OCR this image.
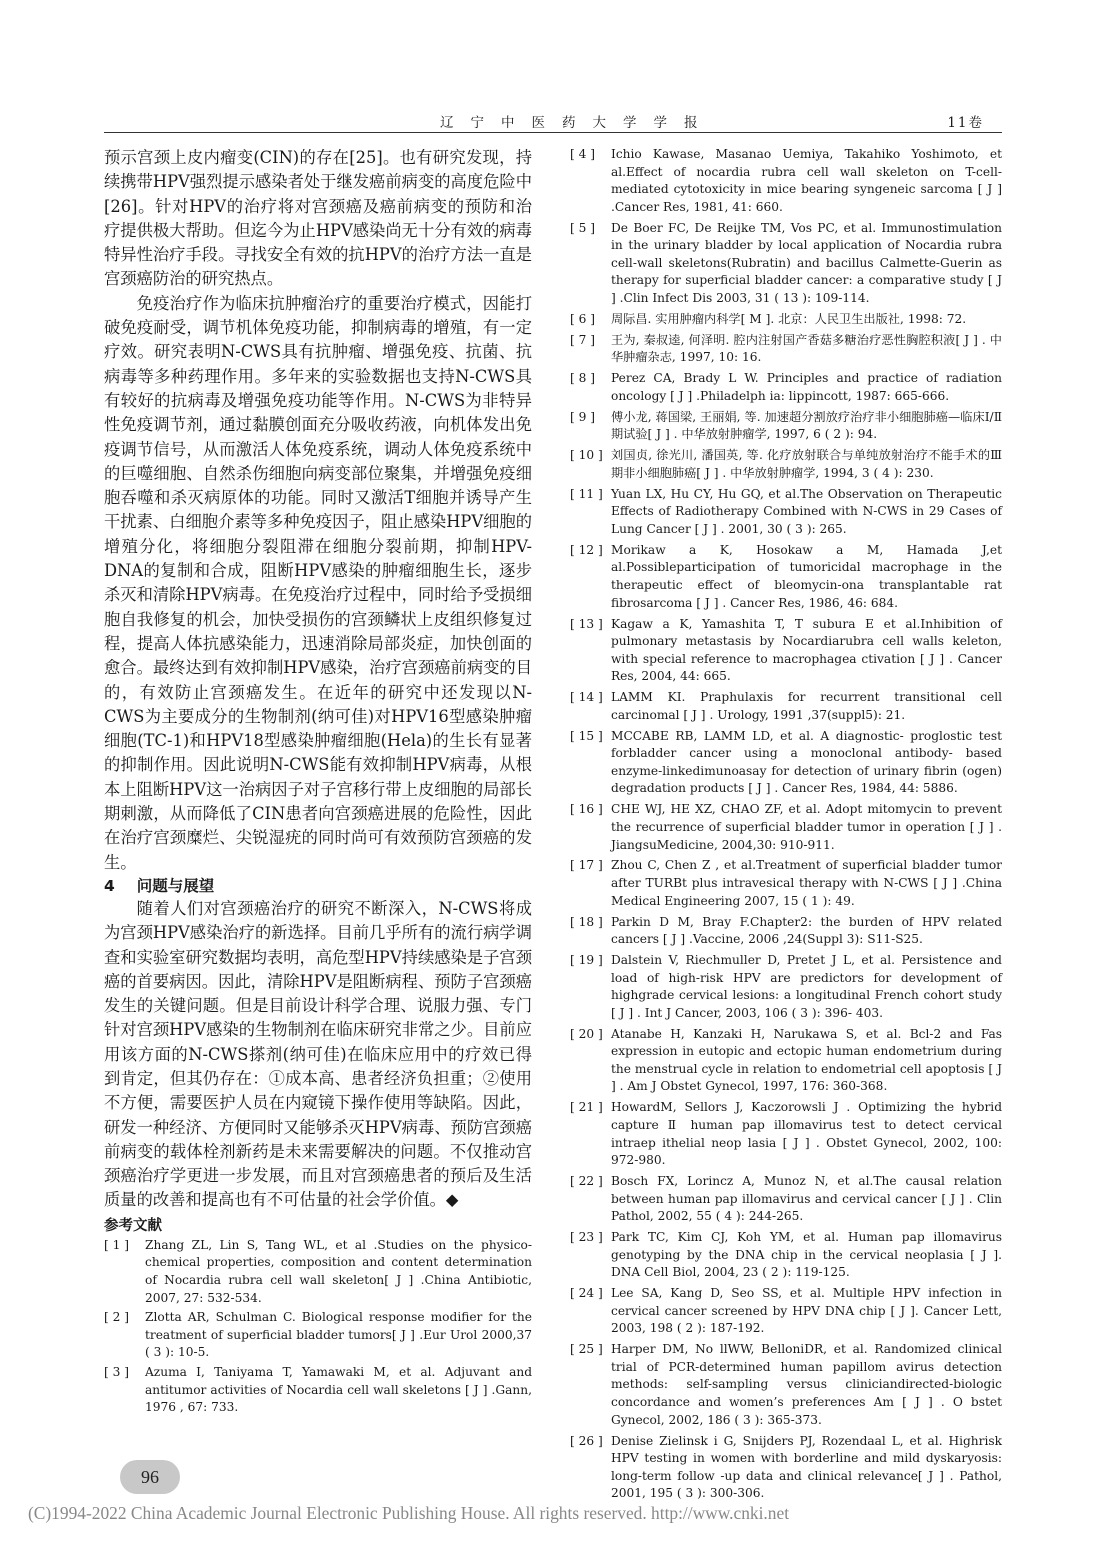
辽宁中医药大学学报	11卷

预示宫颈上皮内瘤变(CIN)的存在[25]。也有研究发现，持续携带HPV强烈提示感染者处于继发癌前病变的高度危险中[26]。针对HPV的治疗将对宫颈癌及癌前病变的预防和治疗提供极大帮助。但迄今为止HPV感染尚无十分有效的病毒特异性治疗手段。寻找安全有效的抗HPV的治疗方法一直是宫颈癌防治的研究热点。

免疫治疗作为临床抗肿瘤治疗的重要治疗模式，因能打破免疫耐受，调节机体免疫功能，抑制病毒的增殖，有一定疗效。研究表明N-CWS具有抗肿瘤、增强免疫、抗菌、抗病毒等多种药理作用。多年来的实验数据也支持N-CWS具有较好的抗病毒及增强免疫功能等作用。N-CWS为非特异性免疫调节剂，通过黏膜创面充分吸收药液，向机体发出免疫调节信号，从而激活人体免疫系统，调动人体免疫系统中的巨噬细胞、自然杀伤细胞向病变部位聚集，并增强免疫细胞吞噬和杀灭病原体的功能。同时又激活T细胞并诱导产生干扰素、白细胞介素等多种免疫因子，阻止感染HPV细胞的增殖分化，将细胞分裂阻滞在细胞分裂前期，抑制HPV-DNA的复制和合成，阻断HPV感染的肿瘤细胞生长，逐步杀灭和清除HPV病毒。在免疫治疗过程中，同时给予受损细胞自我修复的机会，加快受损伤的宫颈鳞状上皮组织修复过程，提高人体抗感染能力，迅速消除局部炎症，加快创面的愈合。最终达到有效抑制HPV感染，治疗宫颈癌前病变的目的，有效防止宫颈癌发生。在近年的研究中还发现以N-CWS为主要成分的生物制剂(纳可佳)对HPV16型感染肿瘤细胞(TC-1)和HPV18型感染肿瘤细胞(Hela)的生长有显著的抑制作用。因此说明N-CWS能有效抑制HPV病毒，从根本上阻断HPV这一治病因子对子宫移行带上皮细胞的局部长期刺激，从而降低了CIN患者向宫颈癌进展的危险性，因此在治疗宫颈糜烂、尖锐湿疣的同时尚可有效预防宫颈癌的发生。

4 问题与展望

随着人们对宫颈癌治疗的研究不断深入，N-CWS将成为宫颈HPV感染治疗的新选择。目前几乎所有的流行病学调查和实验室研究数据均表明，高危型HPV持续感染是子宫颈癌的首要病因。因此，清除HPV是阻断病程、预防子宫颈癌发生的关键问题。但是目前设计科学合理、说服力强、专门针对宫颈HPV感染的生物制剂在临床研究非常之少。目前应用该方面的N-CWS搽剂(纳可佳)在临床应用中的疗效已得到肯定，但其仍存在：①成本高、患者经济负担重；②使用不方便，需要医护人员在内窥镜下操作使用等缺陷。因此，研发一种经济、方便同时又能够杀灭HPV病毒、预防宫颈癌前病变的载体栓剂新药是未来需要解决的问题。不仅推动宫颈癌治疗学更进一步发展，而且对宫颈癌患者的预后及生活质量的改善和提高也有不可估量的社会学价值。◆

参考文献

[ 1 ]	Zhang ZL, Lin S, Tang WL, et al .Studies on the physico-chemical properties, composition and content determination of Nocardia rubra cell wall skeleton[ J ] .China Antibiotic, 2007, 27: 532-534.
[ 2 ]	Zlotta AR, Schulman C. Biological response modifier for the treatment of superficial bladder tumors[ J ] .Eur Urol 2000,37 ( 3 ): 10-5.
[ 3 ]	Azuma I, Taniyama T, Yamawaki M, et al. Adjuvant and antitumor activities of Nocardia cell wall skeletons [ J ] .Gann, 1976 , 67: 733.
[ 4 ]	Ichio Kawase, Masanao Uemiya, Takahiko Yoshimoto, et al.Effect of nocardia rubra cell wall skeleton on T-cell-mediated cytotoxicity in mice bearing syngeneic sarcoma [ J ] .Cancer Res, 1981, 41: 660.
[ 5 ]	De Boer FC, De Reijke TM, Vos PC, et al. Immunostimulation in the urinary bladder by local application of Nocardia rubra cell-wall skeletons(Rubratin) and bacillus Calmette-Guerin as therapy for superficial bladder cancer: a comparative study [ J ] .Clin Infect Dis 2003, 31 ( 13 ): 109-114.
[ 6 ]	周际昌. 实用肿瘤内科学[ M ]. 北京：人民卫生出版社, 1998: 72.
[ 7 ]	王为, 秦叔逵, 何泽明. 腔内注射国产香菇多糖治疗恶性胸腔积液[ J ] . 中华肿瘤杂志, 1997, 10: 16.
[ 8 ]	Perez CA, Brady L W. Principles and practice of radiation oncology [ J ] .Philadelph ia: lippincott, 1987: 665-666.
[ 9 ]	傅小龙, 蒋国梁, 王丽娟, 等. 加速超分割放疗治疗非小细胞肺癌—临床Ⅰ/Ⅱ期试验[ J ] . 中华放射肿瘤学, 1997, 6 ( 2 ): 94.
[ 10 ] 刘国贞, 徐光川, 潘国英, 等. 化疗放射联合与单纯放射治疗不能手术的Ⅲ期非小细胞肺癌[ J ] . 中华放射肿瘤学, 1994, 3 ( 4 ): 230.
[ 11 ] Yuan LX, Hu CY, Hu GQ, et al.The Observation on Therapeutic Effects of Radiotherapy Combined with N-CWS in 29 Cases of Lung Cancer [ J ] . 2001, 30 ( 3 ): 265.
[ 12 ] Morikaw a K, Hosokaw a M, Hamada J,et al.Possibleparticipation of tumoricidal macrophage in the therapeutic effect of bleomycin-ona transplantable rat fibrosarcoma [ J ] . Cancer Res, 1986, 46: 684.
[ 13 ] Kagaw a K, Yamashita T, T subura E et al.Inhibition of pulmonary metastasis by Nocardiarubra cell walls keleton, with special reference to macrophagea ctivation [ J ] . Cancer Res, 2004, 44: 665.
[ 14 ] LAMM KI. Praphulaxis for recurrent transitional cell carcinomal [ J ] . Urology, 1991 ,37(suppl5): 21.
[ 15 ] MCCABE RB, LAMM LD, et al. A diagnostic- proglostic test forbladder cancer using a monoclonal antibody- based enzyme-linkedimunoasay for detection of urinary fibrin (ogen) degradation products [ J ] . Cancer Res, 1984, 44: 5886.
[ 16 ] CHE WJ, HE XZ, CHAO ZF, et al. Adopt mitomycin to prevent the recurrence of superficial bladder tumor in operation [ J ] . JiangsuMedicine, 2004,30: 910-911.
[ 17 ] Zhou C, Chen Z , et al.Treatment of superficial bladder tumor after TURBt plus intravesical therapy with N-CWS [ J ] .China Medical Engineering 2007, 15 ( 1 ): 49.
[ 18 ] Parkin D M, Bray F.Chapter2: the burden of HPV related cancers [ J ] .Vaccine, 2006 ,24(Suppl 3): S11-S25.
[ 19 ] Dalstein V, Riechmuller D, Pretet J L, et al. Persistence and load of high-risk HPV are predictors for development of highgrade cervical lesions: a longitudinal French cohort study [ J ] . Int J Cancer, 2003, 106 ( 3 ): 396- 403.
[ 20 ] Atanabe H, Kanzaki H, Narukawa S, et al. Bcl-2 and Fas expression in eutopic and ectopic human endometrium during the menstrual cycle in relation to endometrial cell apoptosis [ J ] . Am J Obstet Gynecol, 1997, 176: 360-368.
[ 21 ] HowardM, Sellors J, Kaczorowsli J . Optimizing the hybrid capture Ⅱ human pap illomavirus test to detect cervical intraep ithelial neop lasia [ J ] . Obstet Gynecol, 2002, 100: 972-980.
[ 22 ] Bosch FX, Lorincz A, Munoz N, et al.The causal relation between human pap illomavirus and cervical cancer [ J ] . Clin Pathol, 2002, 55 ( 4 ): 244-265.
[ 23 ] Park TC, Kim CJ, Koh YM, et al. Human pap illomavirus genotyping by the DNA chip in the cervical neoplasia [ J ]. DNA Cell Biol, 2004, 23 ( 2 ): 119-125.
[ 24 ] Lee SA, Kang D, Seo SS, et al. Multiple HPV infection in cervical cancer screened by HPV DNA chip [ J ]. Cancer Lett, 2003, 198 ( 2 ): 187-192.
[ 25 ] Harper DM, No llWW, BelloniDR, et al. Randomized clinical trial of PCR-determined human papillom avirus detection methods: self-sampling versus cliniciandirected-biologic concordance and women’s preferences Am [ J ] . O bstet Gynecol, 2002, 186 ( 3 ): 365-373.
[ 26 ] Denise Zielinsk i G, Snijders PJ, Rozendaal L, et al. Highrisk HPV testing in women with borderline and mild dyskaryosis: long-term follow -up data and clinical relevance[ J ] . Pathol, 2001, 195 ( 3 ): 300-306.
96
(C)1994-2022 China Academic Journal Electronic Publishing House. All rights reserved. http://www.cnki.net
